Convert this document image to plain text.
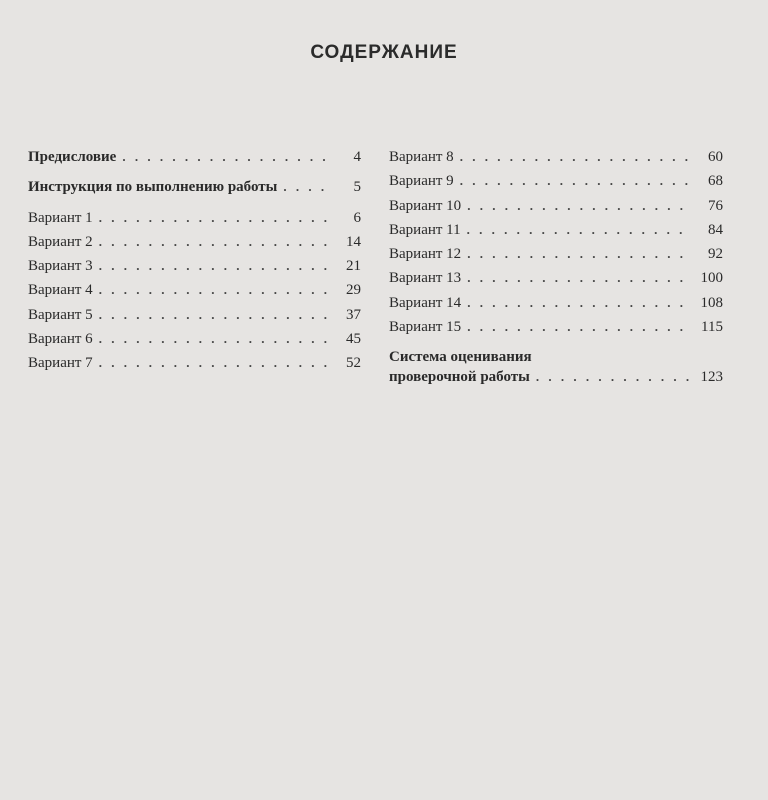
СОДЕРЖАНИЕ
Предисловие . . .	4
Инструкция по выполнению работы . . .	5
Вариант 1 . . .	6
Вариант 2 . . .	14
Вариант 3 . . .	21
Вариант 4 . . .	29
Вариант 5 . . .	37
Вариант 6 . . .	45
Вариант 7 . . .	52
Вариант 8 . . .	60
Вариант 9 . . .	68
Вариант 10 . . .	76
Вариант 11 . . .	84
Вариант 12 . . .	92
Вариант 13 . . .	100
Вариант 14 . . .	108
Вариант 15 . . .	115
Система оценивания
проверочной работы . . .	123
